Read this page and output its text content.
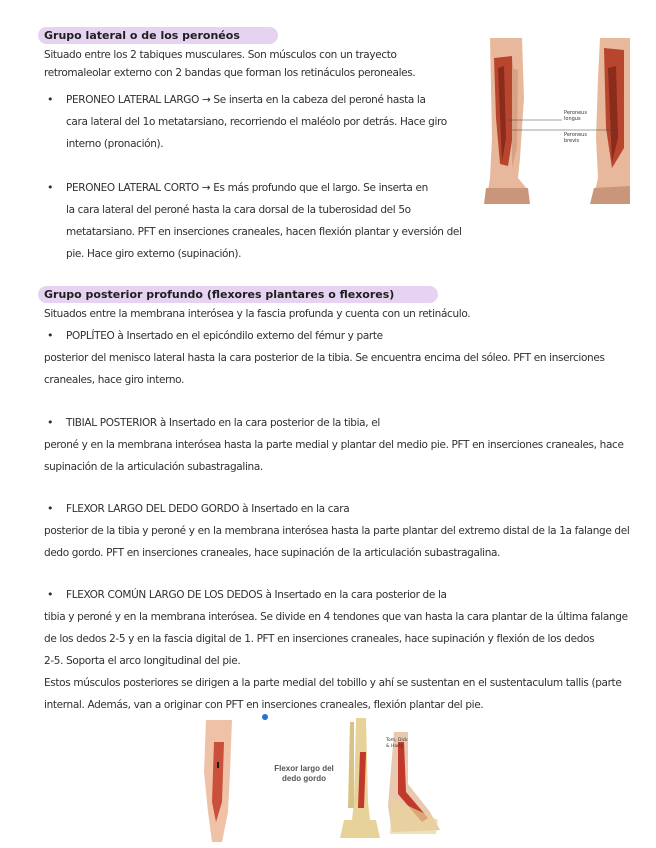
Grupo lateral o de los peronéos
Situado entre los 2 tabiques musculares. Son músculos con un trayecto
retromaleolar externo con 2 bandas que forman los retináculos peroneales.
• PERONEO LATERAL LARGO → Se inserta en la cabeza del peroné hasta la
cara lateral del 1o metatarsiano, recorriendo el maléolo por detrás. Hace giro
interno (pronación).
• PERONEO LATERAL CORTO → Es más profundo que el largo. Se inserta en
la cara lateral del peroné hasta la cara dorsal de la tuberosidad del 5o
metatarsiano. PFT en inserciones craneales, hacen flexión plantar y eversión del
pie. Hace giro externo (supinación).
Peroneus longus
Peroneus brevis
Grupo posterior profundo (flexores plantares o flexores)
Situados entre la membrana interósea y la fascia profunda y cuenta con un retináculo.
• POPLÍTEO à Insertado en el epicóndilo externo del fémur y parte
posterior del menisco lateral hasta la cara posterior de la tibia. Se encuentra encima del sóleo. PFT en inserciones
craneales, hace giro interno.
• TIBIAL POSTERIOR à Insertado en la cara posterior de la tibia, el
peroné y en la membrana interósea hasta la parte medial y plantar del medio pie. PFT en inserciones craneales, hace
supinación de la articulación subastragalina.
• FLEXOR LARGO DEL DEDO GORDO à Insertado en la cara
posterior de la tibia y peroné y en la membrana interósea hasta la parte plantar del extremo distal de la 1a falange del
dedo gordo. PFT en inserciones craneales, hace supinación de la articulación subastragalina.
• FLEXOR COMÚN LARGO DE LOS DEDOS à Insertado en la cara posterior de la
tibia y peroné y en la membrana interósea. Se divide en 4 tendones que van hasta la cara plantar de la última falange
de los dedos 2-5 y en la fascia digital de 1. PFT en inserciones craneales, hace supinación y flexión de los dedos
2-5. Soporta el arco longitudinal del pie.
Estos músculos posteriores se dirigen a la parte medial del tobillo y ahí se sustentan en el sustentaculum tallis (parte
internal. Además, van a originar con PFT en inserciones craneales, flexión plantar del pie.
Flexor largo del dedo gordo
Tom, Dick & Harry
